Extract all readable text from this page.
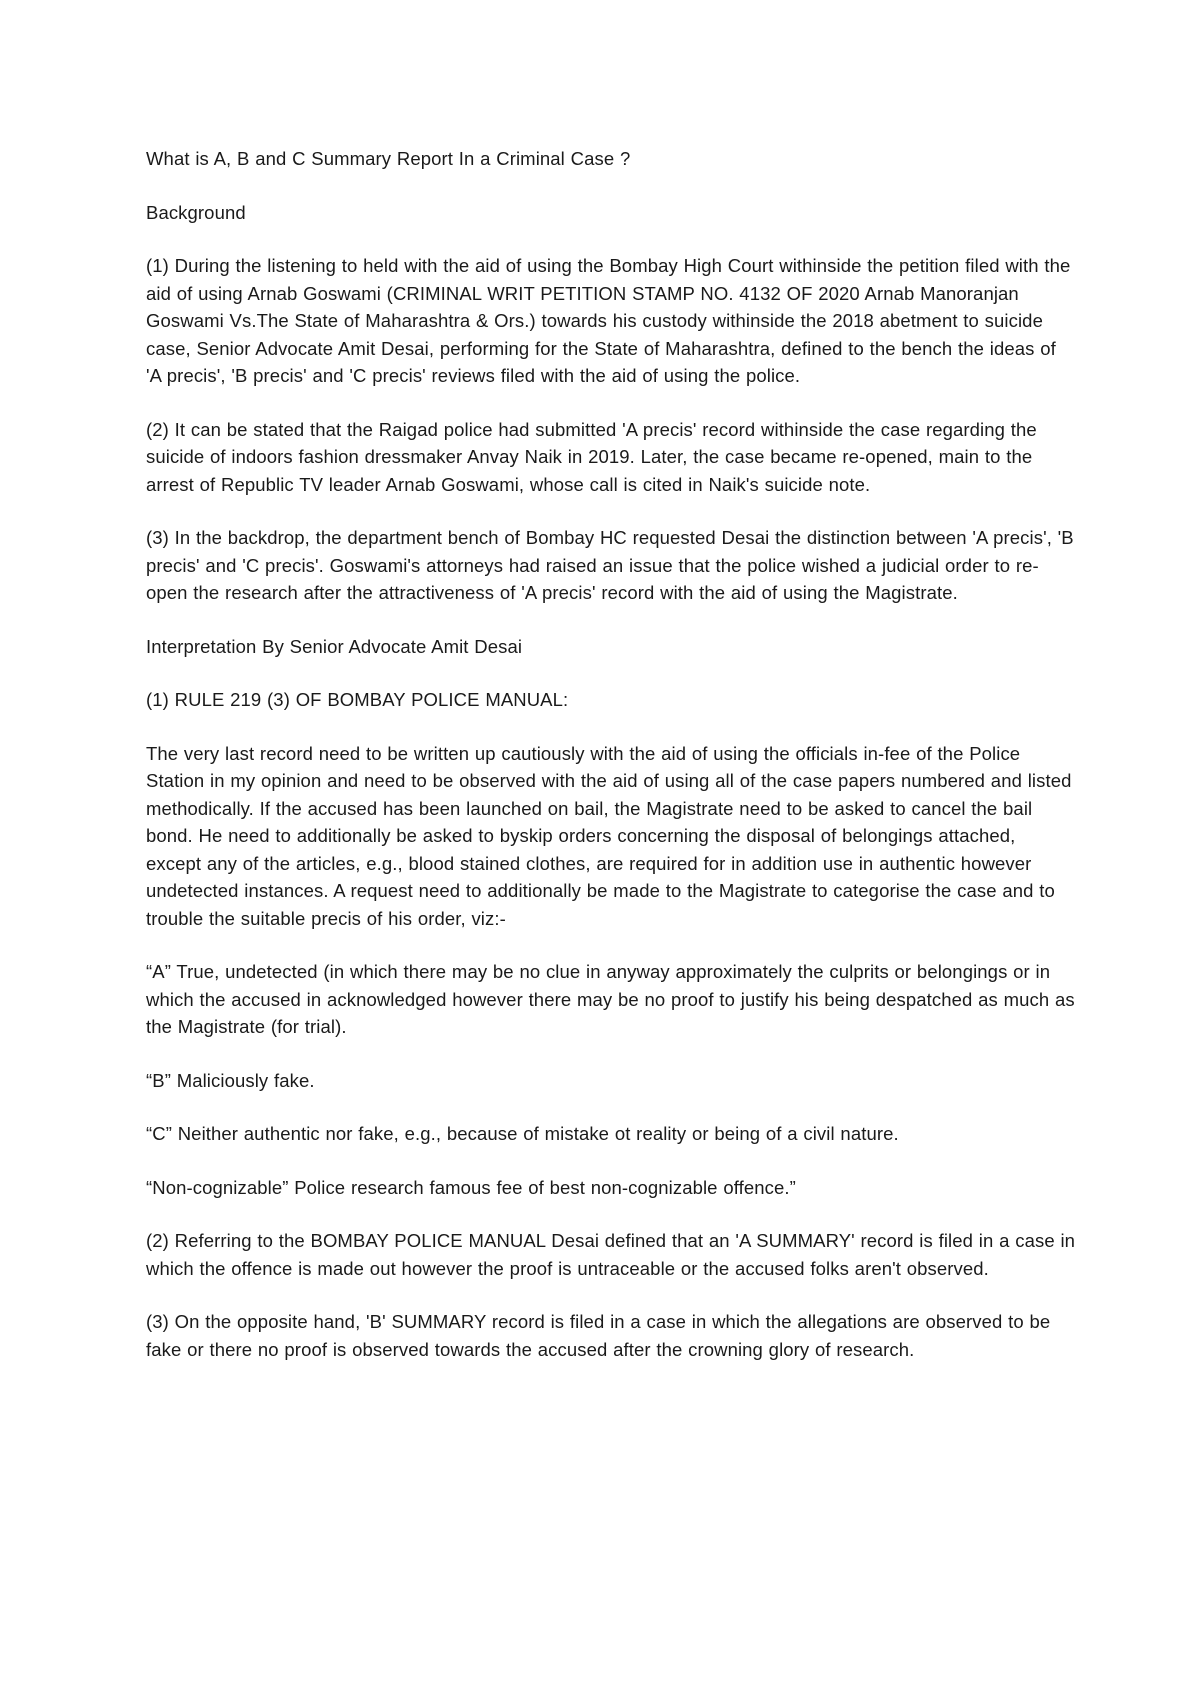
What is A, B and C Summary Report In a Criminal Case ?

Background

(1) During the listening to held with the aid of using the Bombay High Court withinside the petition filed with the aid of using Arnab Goswami (CRIMINAL WRIT PETITION STAMP NO. 4132 OF 2020 Arnab Manoranjan Goswami Vs.The State of Maharashtra & Ors.) towards his custody withinside the 2018 abetment to suicide case, Senior Advocate Amit Desai, performing for the State of Maharashtra, defined to the bench the ideas of 'A precis', 'B precis' and 'C precis' reviews filed with the aid of using the police.

(2) It can be stated that the Raigad police had submitted 'A precis' record withinside the case regarding the suicide of indoors fashion dressmaker Anvay Naik in 2019. Later, the case became re-opened, main to the arrest of Republic TV leader Arnab Goswami, whose call is cited in Naik's suicide note.

(3) In the backdrop, the department bench of Bombay HC requested Desai the distinction between 'A precis', 'B precis' and 'C precis'. Goswami's attorneys had raised an issue that the police wished a judicial order to re-open the research after the attractiveness of 'A precis' record with the aid of using the Magistrate.

Interpretation By Senior Advocate Amit Desai

(1) RULE 219 (3) OF BOMBAY POLICE MANUAL:

The very last record need to be written up cautiously with the aid of using the officials in-fee of the Police Station in my opinion and need to be observed with the aid of using all of the case papers numbered and listed methodically. If the accused has been launched on bail, the Magistrate need to be asked to cancel the bail bond. He need to additionally be asked to byskip orders concerning the disposal of belongings attached, except any of the articles, e.g., blood stained clothes, are required for in addition use in authentic however undetected instances. A request need to additionally be made to the Magistrate to categorise the case and to trouble the suitable precis of his order, viz:-

“A” True, undetected (in which there may be no clue in anyway approximately the culprits or belongings or in which the accused in acknowledged however there may be no proof to justify his being despatched as much as the Magistrate (for trial).

“B” Maliciously fake.

“C” Neither authentic nor fake, e.g., because of mistake ot reality or being of a civil nature.

“Non-cognizable” Police research famous fee of best non-cognizable offence.”

(2) Referring to the BOMBAY POLICE MANUAL Desai defined that an 'A SUMMARY' record is filed in a case in which the offence is made out however the proof is untraceable or the accused folks aren't observed.

(3) On the opposite hand, 'B' SUMMARY record is filed in a case in which the allegations are observed to be fake or there no proof is observed towards the accused after the crowning glory of research.
